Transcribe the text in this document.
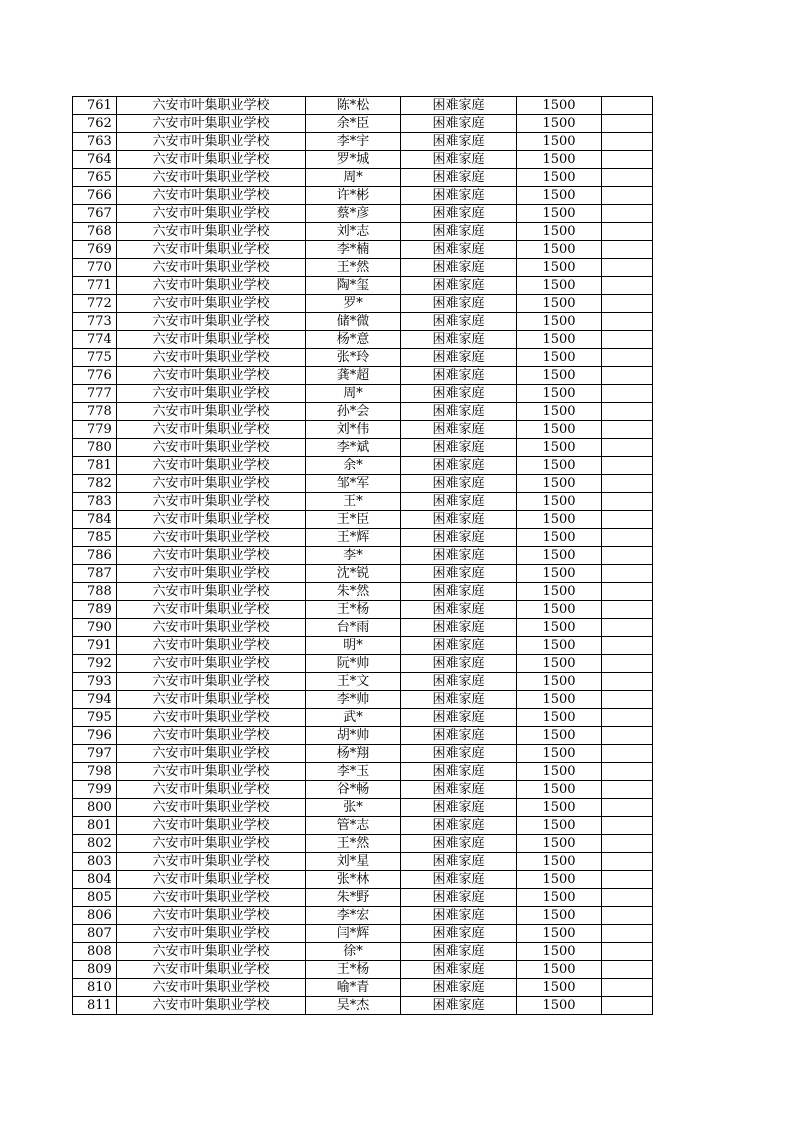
761	六安市叶集职业学校	陈*松	困难家庭	1500	
762	六安市叶集职业学校	余*臣	困难家庭	1500	
763	六安市叶集职业学校	李*宇	困难家庭	1500	
764	六安市叶集职业学校	罗*城	困难家庭	1500	
765	六安市叶集职业学校	周*	困难家庭	1500	
766	六安市叶集职业学校	许*彬	困难家庭	1500	
767	六安市叶集职业学校	蔡*彦	困难家庭	1500	
768	六安市叶集职业学校	刘*志	困难家庭	1500	
769	六安市叶集职业学校	李*楠	困难家庭	1500	
770	六安市叶集职业学校	王*然	困难家庭	1500	
771	六安市叶集职业学校	陶*玺	困难家庭	1500	
772	六安市叶集职业学校	罗*	困难家庭	1500	
773	六安市叶集职业学校	储*微	困难家庭	1500	
774	六安市叶集职业学校	杨*意	困难家庭	1500	
775	六安市叶集职业学校	张*玲	困难家庭	1500	
776	六安市叶集职业学校	龚*超	困难家庭	1500	
777	六安市叶集职业学校	周*	困难家庭	1500	
778	六安市叶集职业学校	孙*会	困难家庭	1500	
779	六安市叶集职业学校	刘*伟	困难家庭	1500	
780	六安市叶集职业学校	李*斌	困难家庭	1500	
781	六安市叶集职业学校	余*	困难家庭	1500	
782	六安市叶集职业学校	邹*军	困难家庭	1500	
783	六安市叶集职业学校	王*	困难家庭	1500	
784	六安市叶集职业学校	王*臣	困难家庭	1500	
785	六安市叶集职业学校	王*辉	困难家庭	1500	
786	六安市叶集职业学校	李*	困难家庭	1500	
787	六安市叶集职业学校	沈*锐	困难家庭	1500	
788	六安市叶集职业学校	朱*然	困难家庭	1500	
789	六安市叶集职业学校	王*杨	困难家庭	1500	
790	六安市叶集职业学校	台*雨	困难家庭	1500	
791	六安市叶集职业学校	明*	困难家庭	1500	
792	六安市叶集职业学校	阮*帅	困难家庭	1500	
793	六安市叶集职业学校	王*文	困难家庭	1500	
794	六安市叶集职业学校	李*帅	困难家庭	1500	
795	六安市叶集职业学校	武*	困难家庭	1500	
796	六安市叶集职业学校	胡*帅	困难家庭	1500	
797	六安市叶集职业学校	杨*翔	困难家庭	1500	
798	六安市叶集职业学校	李*玉	困难家庭	1500	
799	六安市叶集职业学校	谷*畅	困难家庭	1500	
800	六安市叶集职业学校	张*	困难家庭	1500	
801	六安市叶集职业学校	管*志	困难家庭	1500	
802	六安市叶集职业学校	王*然	困难家庭	1500	
803	六安市叶集职业学校	刘*星	困难家庭	1500	
804	六安市叶集职业学校	张*林	困难家庭	1500	
805	六安市叶集职业学校	朱*野	困难家庭	1500	
806	六安市叶集职业学校	李*宏	困难家庭	1500	
807	六安市叶集职业学校	闫*辉	困难家庭	1500	
808	六安市叶集职业学校	徐*	困难家庭	1500	
809	六安市叶集职业学校	王*杨	困难家庭	1500	
810	六安市叶集职业学校	喻*青	困难家庭	1500	
811	六安市叶集职业学校	吴*杰	困难家庭	1500	
